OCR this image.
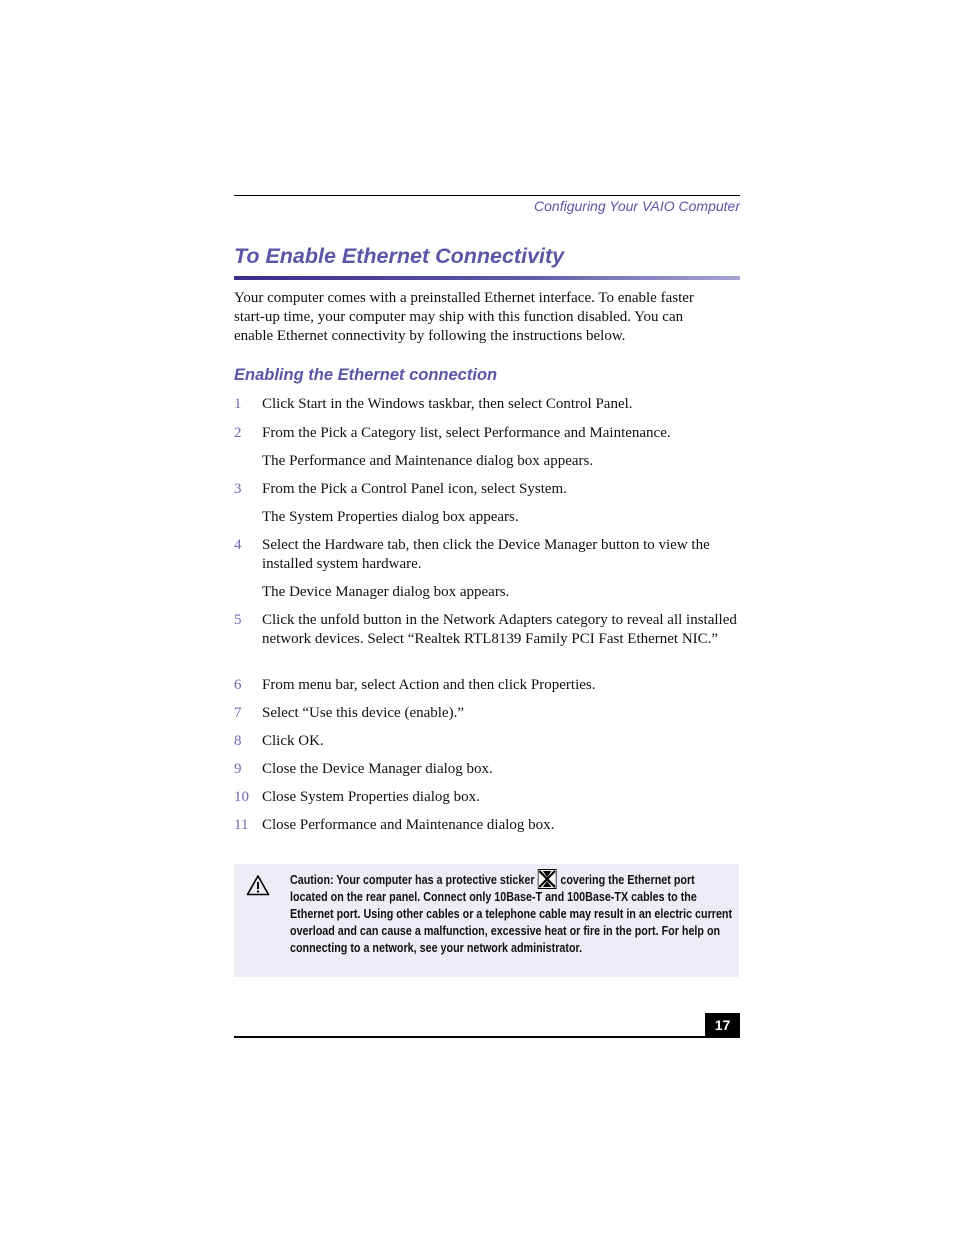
Configuring Your VAIO Computer
To Enable Ethernet Connectivity

Your computer comes with a preinstalled Ethernet interface. To enable faster start-up time, your computer may ship with this function disabled. You can enable Ethernet connectivity by following the instructions below.

Enabling the Ethernet connection
1 Click Start in the Windows taskbar, then select Control Panel.
2 From the Pick a Category list, select Performance and Maintenance.
The Performance and Maintenance dialog box appears.
3 From the Pick a Control Panel icon, select System.
The System Properties dialog box appears.
4 Select the Hardware tab, then click the Device Manager button to view the installed system hardware.
The Device Manager dialog box appears.
5 Click the unfold button in the Network Adapters category to reveal all installed network devices. Select “Realtek RTL8139 Family PCI Fast Ethernet NIC.”
6 From menu bar, select Action and then click Properties.
7 Select “Use this device (enable).”
8 Click OK.
9 Close the Device Manager dialog box.
10 Close System Properties dialog box.
11 Close Performance and Maintenance dialog box.
Caution: Your computer has a protective sticker covering the Ethernet port located on the rear panel. Connect only 10Base-T and 100Base-TX cables to the Ethernet port. Using other cables or a telephone cable may result in an electric current overload and can cause a malfunction, excessive heat or fire in the port. For help on connecting to a network, see your network administrator.
17
